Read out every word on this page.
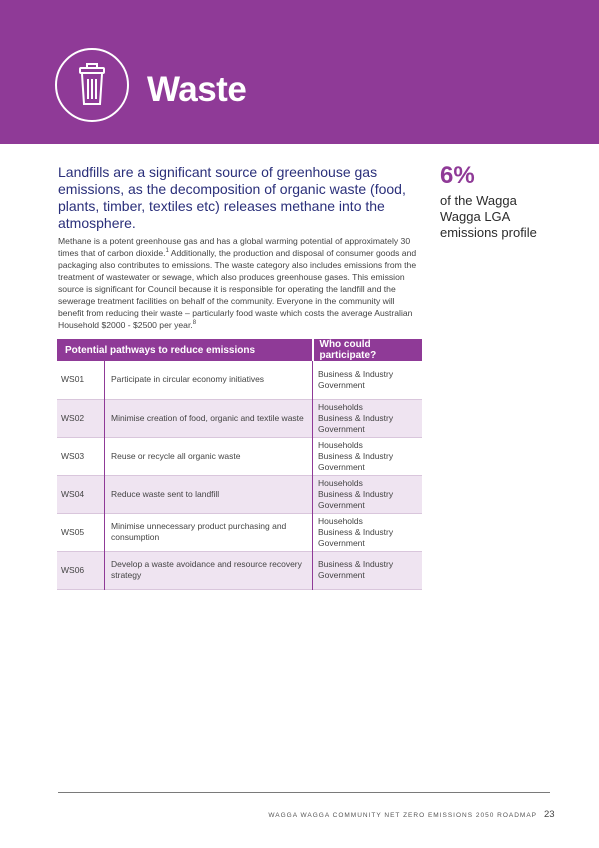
Waste

Landfills are a significant source of greenhouse gas emissions, as the decomposition of organic waste (food, plants, timber, textiles etc) releases methane into the atmosphere.

6%

of the Wagga Wagga LGA emissions profile

Methane is a potent greenhouse gas and has a global warming potential of approximately 30 times that of carbon dioxide.$^1$ Additionally, the production and disposal of consumer goods and packaging also contributes to emissions. The waste category also includes emissions from the treatment of wastewater or sewage, which also produces greenhouse gases. This emission source is significant for Council because it is responsible for operating the landfill and the sewerage treatment facilities on behalf of the community. Everyone in the community will benefit from reducing their waste – particularly food waste which costs the average Australian Household $2000 - $2500 per year.$^8$

Potential pathways to reduce emissions		Who could participate?
WS01	Participate in circular economy initiatives	Business & Industry
Government

WS02	Minimise creation of food, organic and textile waste	Households
Business & Industry
Government

WS03	Reuse or recycle all organic waste	Households
Business & Industry
Government

WS04	Reduce waste sent to landfill	Households
Business & Industry
Government

WS05	Minimise unnecessary product purchasing and consumption	Households
Business & Industry
Government

WS06	Develop a waste avoidance and resource recovery strategy	Business & Industry
Government
WAGGA WAGGA COMMUNITY NET ZERO EMISSIONS 2050 ROADMAP 23
